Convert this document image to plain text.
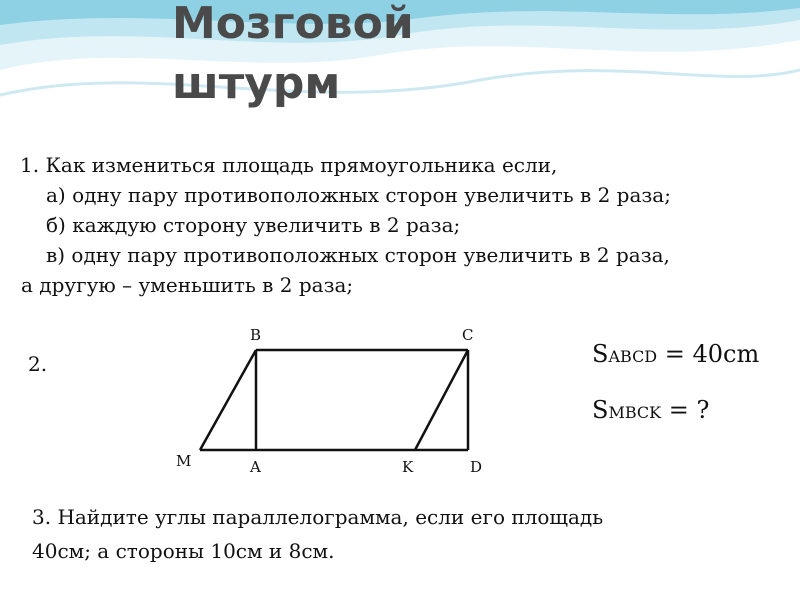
Мозговой
штурм
1. Как измениться площадь прямоугольника если,
а) одну пару противоположных сторон увеличить в 2 раза;
б) каждую сторону увеличить в 2 раза;
в) одну пару противоположных сторон увеличить в 2 раза,
а другую – уменьшить в 2 раза;
2.
B	C
M	A	K	D
SABCD = 40cm
SMBCK = ?
3. Найдите углы параллелограмма, если его площадь
40см; а стороны 10см и 8см.
